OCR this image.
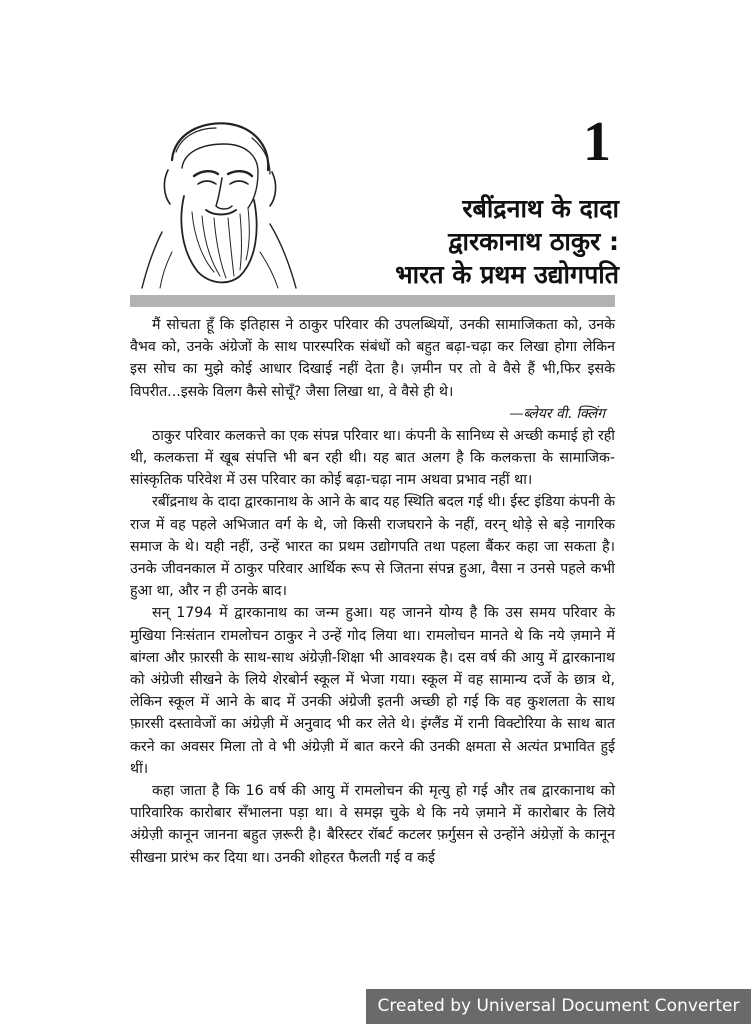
1
रबींद्रनाथ के दादा
द्वारकानाथ ठाकुर :
भारत के प्रथम उद्योगपति

मैं सोचता हूँ कि इतिहास ने ठाकुर परिवार की उपलब्धियों, उनकी सामाजिकता को, उनके वैभव को, उनके अंग्रेजों के साथ पारस्परिक संबंधों को बहुत बढ़ा-चढ़ा कर लिखा होगा लेकिन इस सोच का मुझे कोई आधार दिखाई नहीं देता है। ज़मीन पर तो वे वैसे हैं भी,फिर इसके विपरीत...इसके विलग कैसे सोचूँ? जैसा लिखा था, वे वैसे ही थे।

—ब्लेयर वी. क्लिंग

ठाकुर परिवार कलकत्ते का एक संपन्न परिवार था। कंपनी के सानिध्य से अच्छी कमाई हो रही थी, कलकत्ता में खूब संपत्ति भी बन रही थी। यह बात अलग है कि कलकत्ता के सामाजिक-सांस्कृतिक परिवेश में उस परिवार का कोई बढ़ा-चढ़ा नाम अथवा प्रभाव नहीं था।

रबींद्रनाथ के दादा द्वारकानाथ के आने के बाद यह स्थिति बदल गई थी। ईस्ट इंडिया कंपनी के राज में वह पहले अभिजात वर्ग के थे, जो किसी राजघराने के नहीं, वरन् थोड़े से बड़े नागरिक समाज के थे। यही नहीं, उन्हें भारत का प्रथम उद्योगपति तथा पहला बैंकर कहा जा सकता है। उनके जीवनकाल में ठाकुर परिवार आर्थिक रूप से जितना संपन्न हुआ, वैसा न उनसे पहले कभी हुआ था, और न ही उनके बाद।

सन् 1794 में द्वारकानाथ का जन्म हुआ। यह जानने योग्य है कि उस समय परिवार के मुखिया निःसंतान रामलोचन ठाकुर ने उन्हें गोद लिया था। रामलोचन मानते थे कि नये ज़माने में बांग्ला और फ़ारसी के साथ-साथ अंग्रेज़ी-शिक्षा भी आवश्यक है। दस वर्ष की आयु में द्वारकानाथ को अंग्रेजी सीखने के लिये शेरबोर्न स्कूल में भेजा गया। स्कूल में वह सामान्य दर्जे के छात्र थे, लेकिन स्कूल में आने के बाद में उनकी अंग्रेजी इतनी अच्छी हो गई कि वह कुशलता के साथ फ़ारसी दस्तावेजों का अंग्रेज़ी में अनुवाद भी कर लेते थे। इंग्लैंड में रानी विक्टोरिया के साथ बात करने का अवसर मिला तो वे भी अंग्रेज़ी में बात करने की उनकी क्षमता से अत्यंत प्रभावित हुई थीं।

कहा जाता है कि 16 वर्ष की आयु में रामलोचन की मृत्यु हो गई और तब द्वारकानाथ को पारिवारिक कारोबार सँभालना पड़ा था। वे समझ चुके थे कि नये ज़माने में कारोबार के लिये अंग्रेज़ी कानून जानना बहुत ज़रूरी है। बैरिस्टर रॉबर्ट कटलर फ़र्गुसन से उन्होंने अंग्रेज़ों के कानून सीखना प्रारंभ कर दिया था। उनकी शोहरत फैलती गई व कई

Created by Universal Document Converter
